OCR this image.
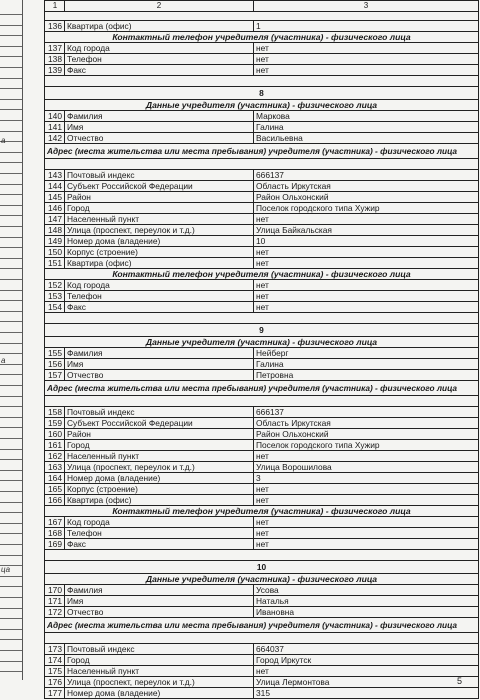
а
а
ца
1	2	3

136	Квартира (офис)	1
Контактный телефон учредителя (участника) - физического лица		
137	Код города	нет
138	Телефон	нет
139	Факс	нет

8		
Данные учредителя (участника) - физического лица		
140	Фамилия	Маркова
141	Имя	Галина
142	Отчество	Васильевна
Адрес (места жительства или места пребывания) учредителя (участника) - физического лица		

143	Почтовый индекс	666137
144	Субъект Российской Федерации	Область Иркутская
145	Район	Район Ольхонский
146	Город	Поселок городского типа Хужир
147	Населенный пункт	нет
148	Улица (проспект, переулок и т.д.)	Улица Байкальская
149	Номер дома (владение)	10
150	Корпус (строение)	нет
151	Квартира (офис)	нет
Контактный телефон учредителя (участника) - физического лица		
152	Код города	нет
153	Телефон	нет
154	Факс	нет

9		
Данные учредителя (участника) - физического лица		
155	Фамилия	Нейберг
156	Имя	Галина
157	Отчество	Петровна
Адрес (места жительства или места пребывания) учредителя (участника) - физического лица		

158	Почтовый индекс	666137
159	Субъект Российской Федерации	Область Иркутская
160	Район	Район Ольхонский
161	Город	Поселок городского типа Хужир
162	Населенный пункт	нет
163	Улица (проспект, переулок и т.д.)	Улица Ворошилова
164	Номер дома (владение)	3
165	Корпус (строение)	нет
166	Квартира (офис)	нет
Контактный телефон учредителя (участника) - физического лица		
167	Код города	нет
168	Телефон	нет
169	Факс	нет

10		
Данные учредителя (участника) - физического лица		
170	Фамилия	Усова
171	Имя	Наталья
172	Отчество	Ивановна
Адрес (места жительства или места пребывания) учредителя (участника) - физического лица		

173	Почтовый индекс	664037
174	Город	Город Иркутск
175	Населенный пункт	нет
176	Улица (проспект, переулок и т.д.)	Улица Лермонтова
177	Номер дома (владение)	315
5
